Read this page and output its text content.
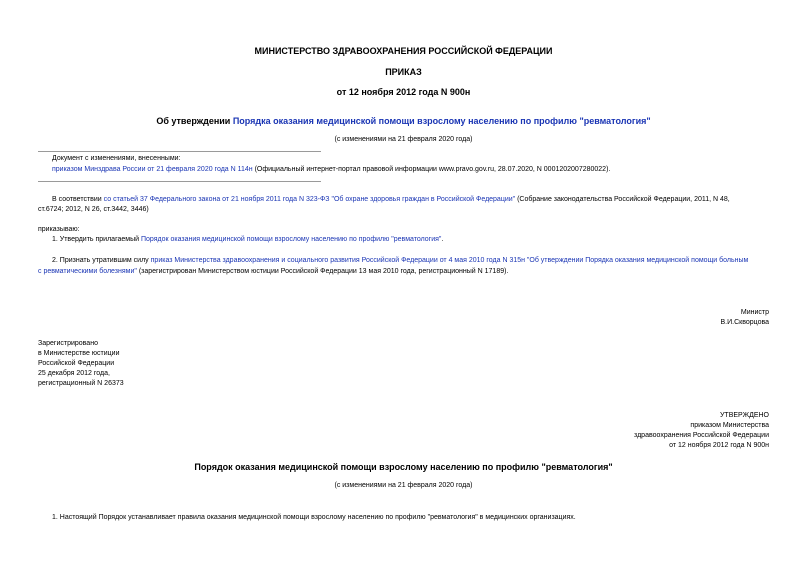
МИНИСТЕРСТВО ЗДРАВООХРАНЕНИЯ РОССИЙСКОЙ ФЕДЕРАЦИИ
ПРИКАЗ
от 12 ноября 2012 года N 900н
Об утверждении Порядка оказания медицинской помощи взрослому населению по профилю "ревматология"
(с изменениями на 21 февраля 2020 года)
Документ с изменениями, внесенными:
приказом Минздрава России от 21 февраля 2020 года N 114н (Официальный интернет-портал правовой информации www.pravo.gov.ru, 28.07.2020, N 0001202007280022).
В соответствии со статьей 37 Федерального закона от 21 ноября 2011 года N 323-ФЗ "Об охране здоровья граждан в Российской Федерации" (Собрание законодательства Российской Федерации, 2011, N 48,
ст.6724; 2012, N 26, ст.3442, 3446)
приказываю:
1. Утвердить прилагаемый Порядок оказания медицинской помощи взрослому населению по профилю "ревматология".
2. Признать утратившим силу приказ Министерства здравоохранения и социального развития Российской Федерации от 4 мая 2010 года N 315н "Об утверждении Порядка оказания медицинской помощи больным
с ревматическими болезнями" (зарегистрирован Министерством юстиции Российской Федерации 13 мая 2010 года, регистрационный N 17189).
Министр
В.И.Скворцова
Зарегистрировано
в Министерстве юстиции
Российской Федерации
25 декабря 2012 года,
регистрационный N 26373
УТВЕРЖДЕНО
приказом Министерства
здравоохранения Российской Федерации
от 12 ноября 2012 года N 900н
Порядок оказания медицинской помощи взрослому населению по профилю "ревматология"
(с изменениями на 21 февраля 2020 года)
1. Настоящий Порядок устанавливает правила оказания медицинской помощи взрослому населению по профилю "ревматология" в медицинских организациях.
